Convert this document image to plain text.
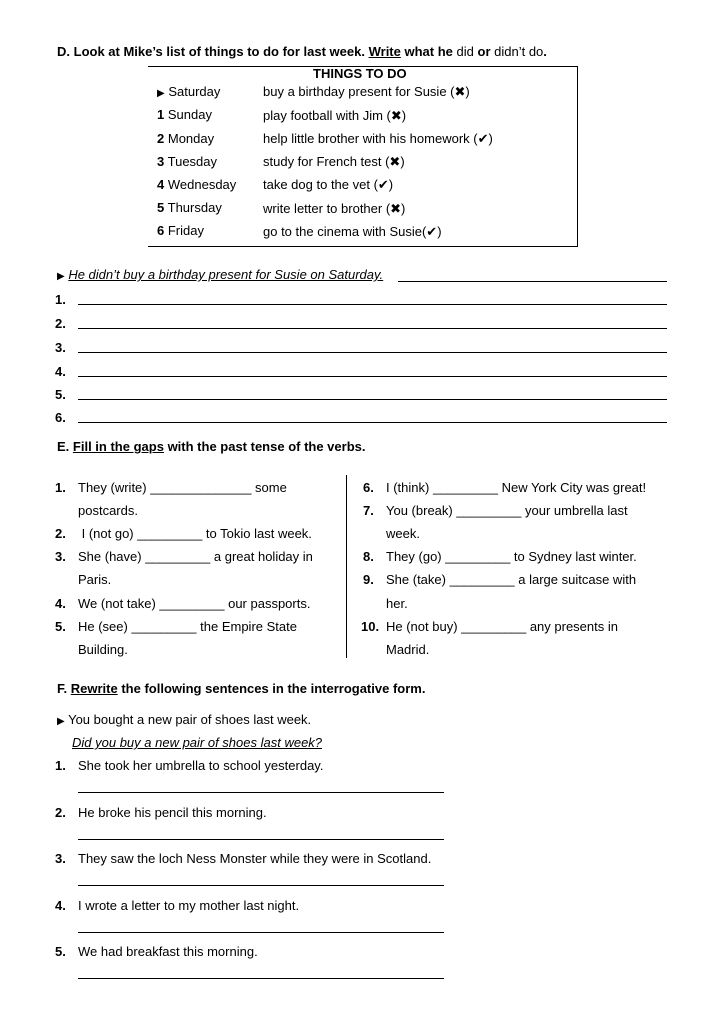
D. Look at Mike’s list of things to do for last week. Write what he did or didn’t do.
THINGS TO DO
▶ Saturday	buy a birthday present for Susie (✖)
1 Sunday	play football with Jim (✖)
2 Monday	help little brother with his homework (✔)
3 Tuesday	study for French test (✖)
4 Wednesday take dog to the vet (✔)
5 Thursday	write letter to brother (✖)
6 Friday	go to the cinema with Susie(✔)
▶ He didn’t buy a birthday present for Susie on Saturday.
1.
2.
3.
4.
5.
6.
E. Fill in the gaps with the past tense of the verbs.
1. They (write) ______________ some
postcards.
2. I (not go) _________ to Tokio last week.
3. She (have) _________ a great holiday in
Paris.
4. We (not take) _________ our passports.
5. He (see) _________ the Empire State
Building.
6. I (think) _________ New York City was great!
7. You (break) _________ your umbrella last
week.
8. They (go) _________ to Sydney last winter.
9. She (take) _________ a large suitcase with
her.
10. He (not buy) _________ any presents in
Madrid.
F. Rewrite the following sentences in the interrogative form.
▶ You bought a new pair of shoes last week.
Did you buy a new pair of shoes last week?
1. She took her umbrella to school yesterday.
2. He broke his pencil this morning.
3. They saw the loch Ness Monster while they were in Scotland.
4. I wrote a letter to my mother last night.
5. We had breakfast this morning.
